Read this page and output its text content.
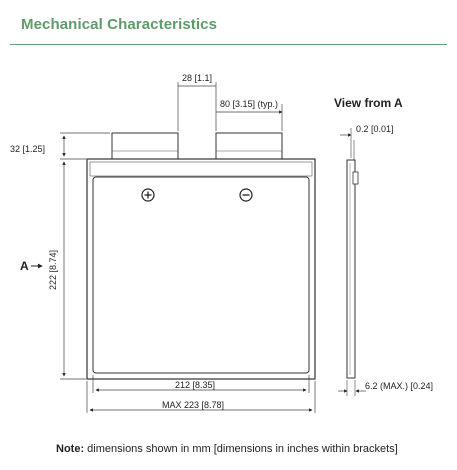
Mechanical Characteristics
28 [1.1]
80 [3.15] (typ.)
32 [1.25]
222 [8.74]
A
212 [8.35]
MAX 223 [8.78]
View from A
0.2 [0.01]
6.2 (MAX.) [0.24]
Note: dimensions shown in mm [dimensions in inches within brackets]
